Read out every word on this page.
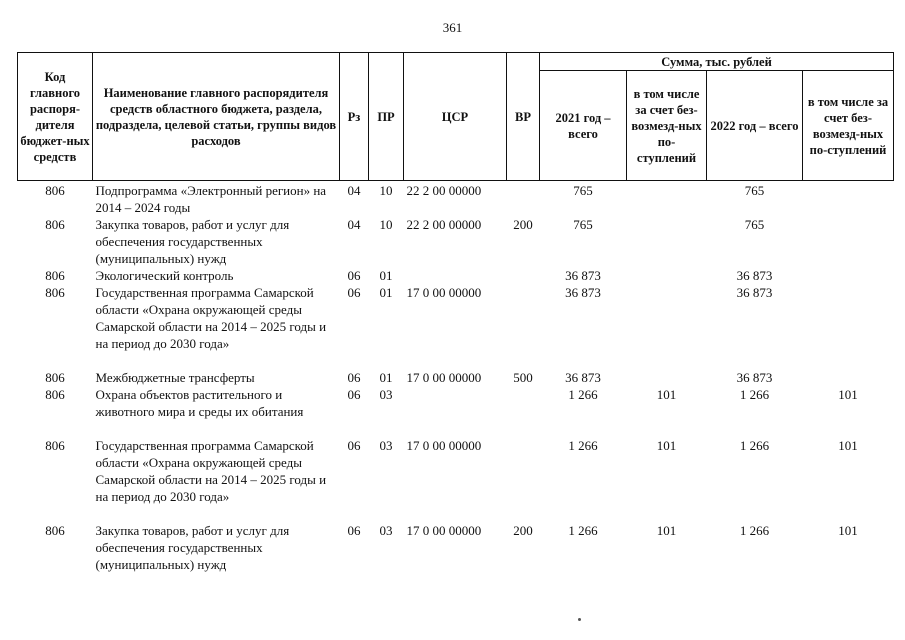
361
Код главного распоря-дителя бюджет-ных средств	Наименование главного распорядителя средств областного бюджета, раздела, подраздела, целевой статьи, группы видов расходов	Рз	ПР	ЦСР	ВР	Сумма, тыс. рублей			
						2021 год – всего	в том числе за счет без-возмезд-ных по-ступлений	2022 год – всего	в том числе за счет без-возмезд-ных по-ступлений
806	Подпрограмма «Электронный регион» на 2014 – 2024 годы	04	10	22 2 00 00000		765		765	
806	Закупка товаров, работ и услуг для обеспечения государственных (муниципальных) нужд	04	10	22 2 00 00000	200	765		765	
806	Экологический контроль	06	01			36 873		36 873	
806	Государственная программа Самарской области «Охрана окружающей среды Самарской области на 2014 – 2025 годы и на период до 2030 года»	06	01	17 0 00 00000		36 873		36 873	
806	Межбюджетные трансферты	06	01	17 0 00 00000	500	36 873		36 873	
806	Охрана объектов растительного и животного мира и среды их обитания	06	03			1 266	101	1 266	101
806	Государственная программа Самарской области «Охрана окружающей среды Самарской области на 2014 – 2025 годы и на период до 2030 года»	06	03	17 0 00 00000		1 266	101	1 266	101
806	Закупка товаров, работ и услуг для обеспечения государственных (муниципальных) нужд	06	03	17 0 00 00000	200	1 266	101	1 266	101
